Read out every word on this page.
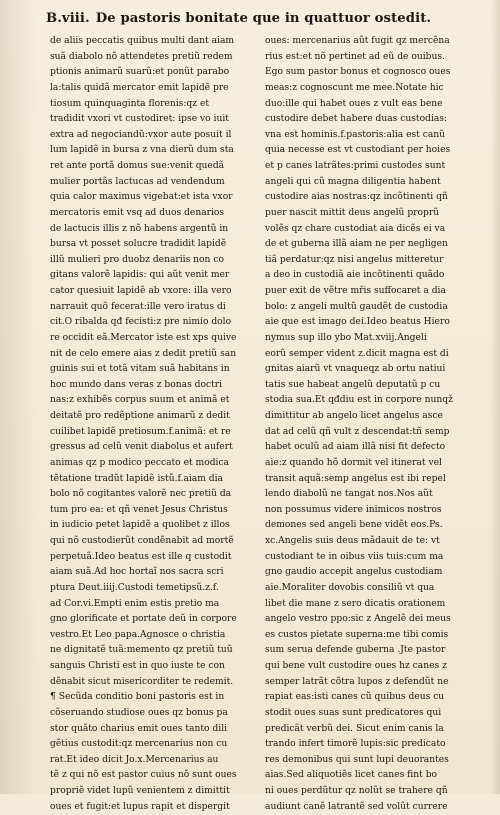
B.viii. De pastoris bonitate que in quattuor ostedit.
de aliis peccatis quibus multi dant aiam
suã diabolo nõ attendetes pretiũ redem
ptionis animarũ suarũ:et ponũt parabo
la:talis quidã mercator emit lapidẽ pre
tiosum quinquaginta florenis:qz et
tradidit vxori vt custodiret: ipse vo iuit
extra ad negociandũ:vxor aute posuit il
lum lapidẽ in bursa z vna dierũ dum sta
ret ante portã domus sue:venit quedã
mulier portãs lactucas ad vendendum
quia calor maximus vigebat:et ista vxor
mercatoris emit vsq ad duos denarios
de lactucis illis z nõ habens argentũ in
bursa vt posset solucre tradidit lapidẽ
illũ mulieri pro duobz denariis non co
gitans valorẽ lapidis: qui aũt venit mer
cator quesiuit lapidẽ ab vxore: illa vero
narrauit quõ fecerat:ille vero iratus di
cit.O ribalda qđ fecisti:z pre nimio dolo
re occidit eã.Mercator iste est xps quive
nit de celo emere aias z dedit pretiũ san
guinis sui et totã vitam suã habitans in
hoc mundo dans veras z bonas doctri
nas:z exhibẽs corpus suum et animã et
deitatẽ pro redẽptione animarũ z dedit
cuilibet lapidẽ pretiosum.f.animã: et re
gressus ad celũ venit diabolus et aufert
animas qz p modico peccato et modica
tẽtatione tradũt lapidẽ istũ.f.aiam dia
bolo nõ cogitantes valorẽ nec pretiũ da
tum pro ea: et qñ venet Jesus Christus
in iudicio petet lapidẽ a quolibet z illos
qui nõ custodierũt condẽnabit ad mortẽ
perpetuã.Ideo beatus est ille q custodit
aiam suã.Ad hoc hortaĩ nos sacra scri
ptura Deut.iiij.Custodi temetipsũ.z.f.
ad Cor.vi.Empti enim estis pretio ma
gno glorificate et portate deũ in corpore
vestro.Et Leo papa.Agnosce o christia
ne dignitatẽ tuã:memento qz pretiũ tuũ
sanguis Christi est in quo iuste te con
dẽnabit sicut misericorditer te redemit.
¶ Secũda conditio boni pastoris est in
cõseruando studiose oues qz bonus pa
stor quãto charius emit oues tanto dili
gẽtius custodit:qz mercenarius non cu
rat.Et ideo dicit Jo.x.Mercenarius au
tẽ z qui nõ est pastor cuius nõ sunt oues
propriẽ videt lupũ venientem z dimittit
oues et fugit:et lupus rapit et dispergit
oues: mercenarius aũt fugit qz mercẽna
rius est:et nõ pertinet ad eũ de ouibus.
Ego sum pastor bonus et cognosco oues
meas:z cognoscunt me mee.Notate hic
duo:ille qui habet oues z vult eas bene
custodire debet habere duas custodias:
vna est hominis.f.pastoris:alia est canũ
quia necesse est vt custodiant per hoies
et p canes latrãtes:primi custodes sunt
angeli qui cũ magna diligentia habent
custodire aias nostras:qz incõtinenti qñ
puer nascit mittit deus angelũ proprũ
volẽs qz chare custodiat aia dicẽs ei va
de et guberna illã aiam ne per negligen
tiã perdatur:qz nisi angelus mitteretur
a deo in custodiã aie incõtinenti quãdo
puer exit de vẽtre mřis suffocaret a dia
bolo: z angeli multũ gaudẽt de custodia
aie que est imago dei.Ideo beatus Hiero
nymus sup illo ybo Mat.xviij.Angeli
eorũ semper vident z.dicit magna est di
gnitas aiarũ vt vnaqueqz ab ortu natiui
tatis sue habeat angelũ deputatũ p cu
stodia sua.Et qđdiu est in corpore nunqž
dimittitur ab angelo licet angelus asce
dat ad celũ qñ vult z descendat:tñ semp
habet oculũ ad aiam illã nisi fit defecto
aie:z quando hõ dormit vel itinerat vel
transit aquã:semp angelus est ibi repel
lendo diabolũ ne tangat nos.Nos aũt
non possumus videre inimicos nostros
demones sed angeli bene vidẽt eos.Ps.
xc.Angelis suis deus mãdauit de te: vt
custodiant te in oibus viis tuis:cum ma
gno gaudio accepit angelus custodiam
aie.Moraliter dovobis consiliũ vt qua
libet die mane z sero dicatis orationem
angelo vestro ppo:sic z Angelẽ dei meus
es custos pietate superna:me tibi comis
sum serua defende guberna .Jte pastor
qui bene vult custodire oues hz canes z
semper latrãt cõtra lupos z defendũt ne
rapiat eas:isti canes cũ quibus deus cu
stodit oues suas sunt predicatores qui
predicãt verbũ dei. Sicut enim canis la
trando infert timorẽ lupis:sic predicato
res demonibus qui sunt lupi deuorantes
aias.Sed aliquotiẽs licet canes fint bo
ni oues perdũtur qz nolũt se trahere qñ
audiunt canẽ latrantẽ sed volũt currere
